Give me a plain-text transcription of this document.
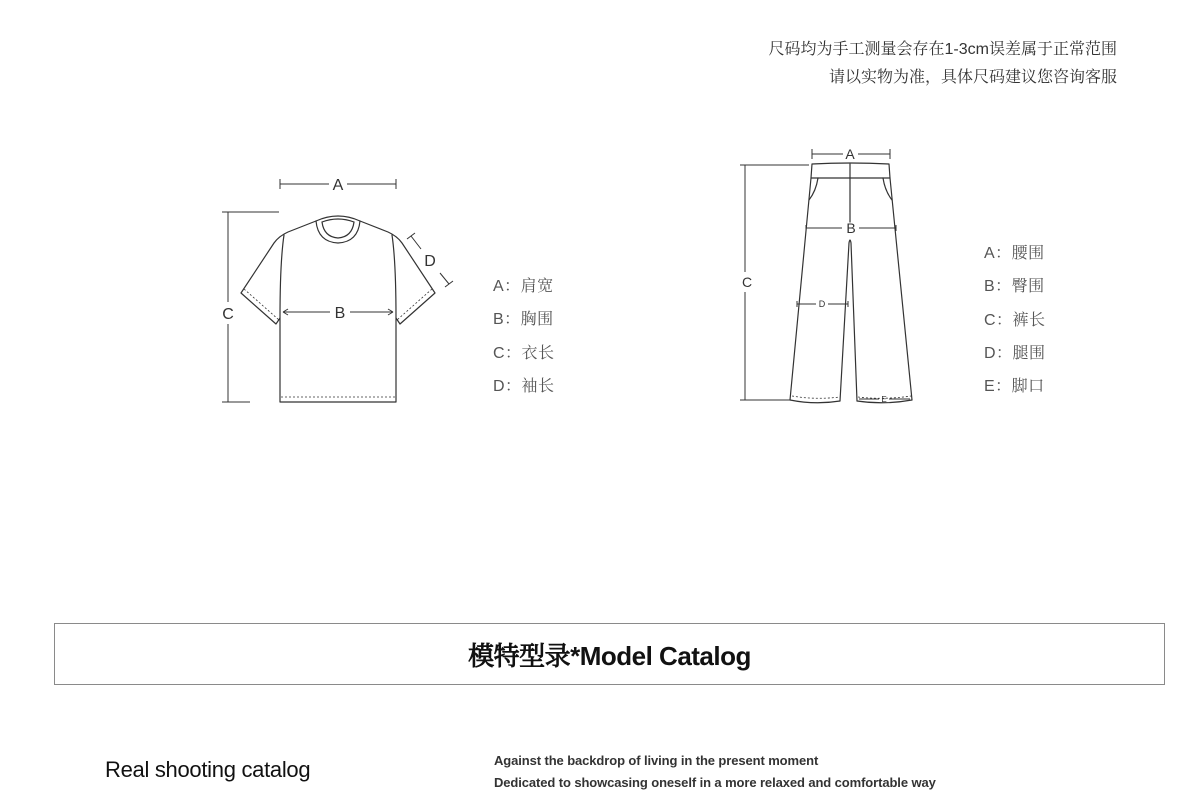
尺码均为手工测量会存在1-3cm误差属于正常范围
请以实物为准，具体尺码建议您咨询客服
A
B
C
D
A
B
C
D
E
A：肩宽
B：胸围
C：衣长
D：袖长
A：腰围
B：臀围
C：裤长
D：腿围
E：脚口
模特型录*Model Catalog
Real shooting catalog	Against the backdrop of living in the present moment
Dedicated to showcasing oneself in a more relaxed and comfortable way
